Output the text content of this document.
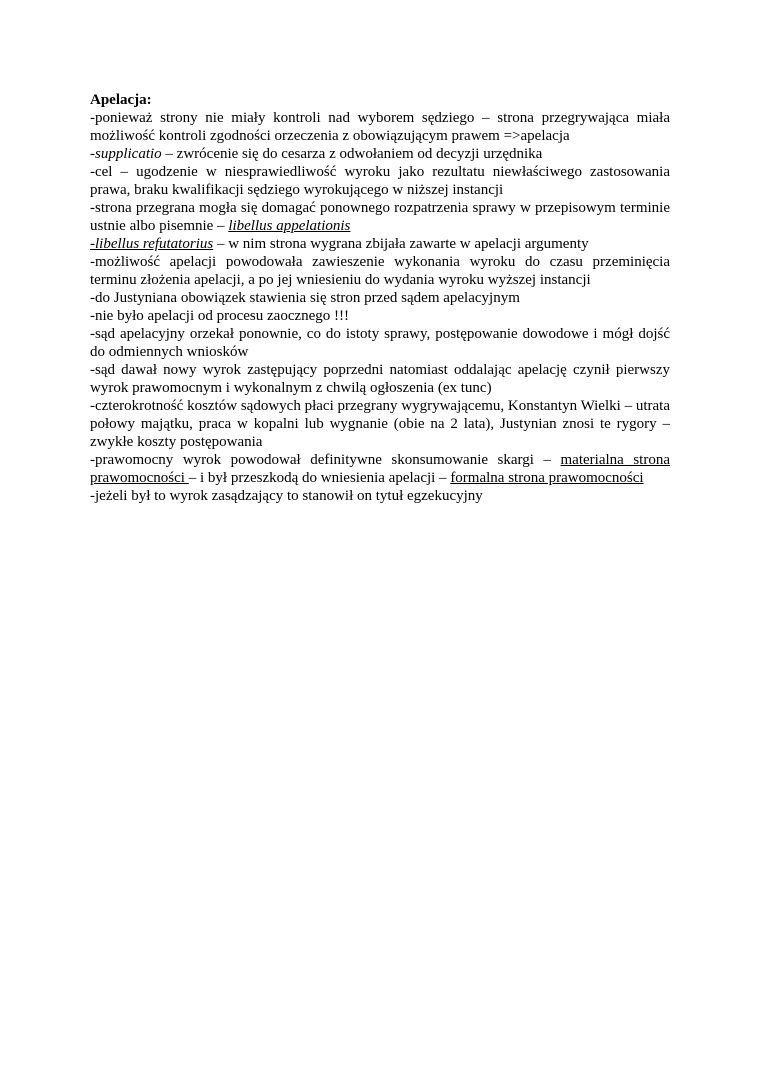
Apelacja:
-ponieważ strony nie miały kontroli nad wyborem sędziego – strona przegrywająca miała możliwość kontroli zgodności orzeczenia z obowiązującym prawem =>apelacja
-supplicatio – zwrócenie się do cesarza z odwołaniem od decyzji urzędnika
-cel – ugodzenie w niesprawiedliwość wyroku jako rezultatu niewłaściwego zastosowania prawa, braku kwalifikacji sędziego wyrokującego w niższej instancji
-strona przegrana mogła się domagać ponownego rozpatrzenia sprawy w przepisowym terminie ustnie albo pisemnie – libellus appelationis
-libellus refutatorius – w nim strona wygrana zbijała zawarte w apelacji argumenty
-możliwość apelacji powodowała zawieszenie wykonania wyroku do czasu przeminięcia terminu złożenia apelacji, a po jej wniesieniu do wydania wyroku wyższej instancji
-do Justyniana obowiązek stawienia się stron przed sądem apelacyjnym
-nie było apelacji od procesu zaocznego !!!
-sąd apelacyjny orzekał ponownie, co do istoty sprawy, postępowanie dowodowe i mógł dojść do odmiennych wniosków
-sąd dawał nowy wyrok zastępujący poprzedni natomiast oddalając apelację czynił pierwszy wyrok prawomocnym i wykonalnym z chwilą ogłoszenia (ex tunc)
-czterokrotność kosztów sądowych płaci przegrany wygrywającemu, Konstantyn Wielki – utrata połowy majątku, praca w kopalni lub wygnanie (obie na 2 lata), Justynian znosi te rygory – zwykłe koszty postępowania
-prawomocny wyrok powodował definitywne skonsumowanie skargi – materialna strona prawomocności – i był przeszkodą do wniesienia apelacji – formalna strona prawomocności
-jeżeli był to wyrok zasądzający to stanowił on tytuł egzekucyjny
